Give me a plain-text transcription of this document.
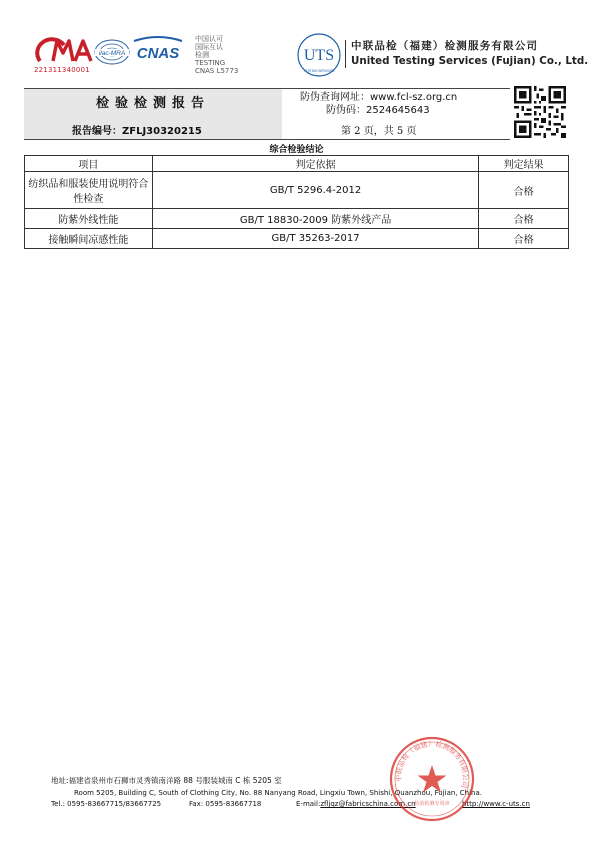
221311340001
ilac-MRA CNAS
中国认可
国际互认
检测
TESTING
CNAS L5773
UTS
TESTING SERVICES
中联品检（福建）检测服务有限公司
United Testing Services (Fujian) Co., Ltd.
检验检测报告
报告编号：ZFLJ30320215
防伪查询网址：www.fcl-sz.org.cn
防伪码：2524645643
第 2 页，共 5 页
综合检验结论
项目	判定依据	判定结果
纺织品和服装使用说明符合性检查	GB/T 5296.4-2012	合格
防紫外线性能	GB/T 18830-2009 防紫外线产品	合格
接触瞬间凉感性能	GB/T 35263-2017	合格
地址:福建省泉州市石狮市灵秀镇南洋路 88 号服装城南 C 栋 5205 室
Room 5205, Building C, South of Clothing City, No. 88 Nanyang Road, Lingxiu Town, Shishi, Quanzhou, Fujian, China.
Tel.: 0595-83667715/83667725	Fax: 0595-83667718	E-mail:zfljqz@fabricschina.com.cn	http://www.c-uts.cn
中联品检（福建）检测服务有限公司
检验检测专用章
